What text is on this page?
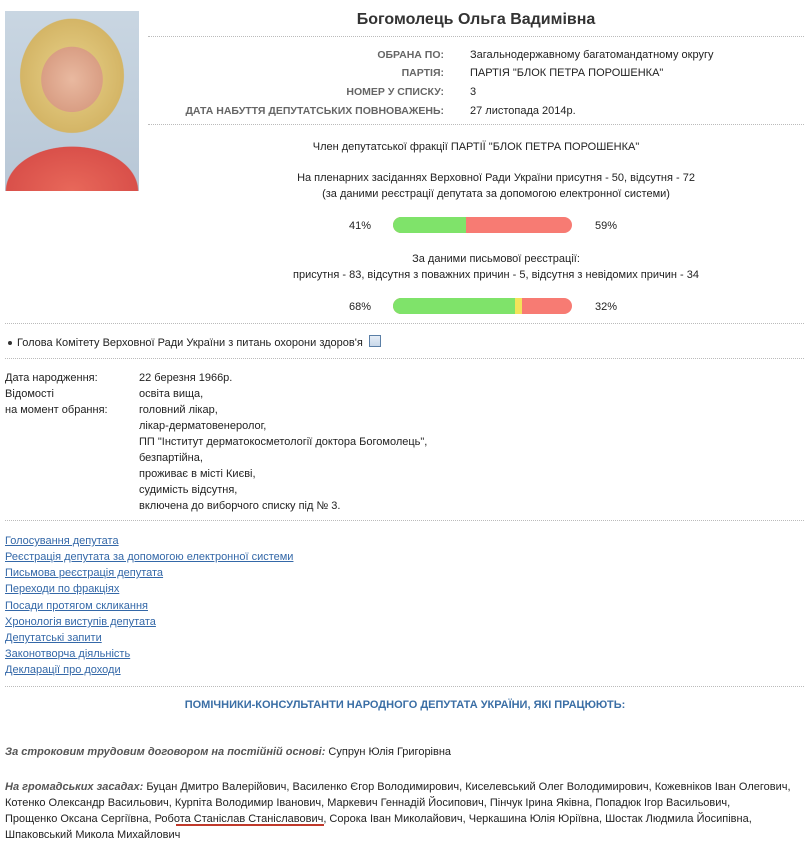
Богомолець Ольга Вадимівна
ОБРАНА ПО: Загальнодержавному багатомандатному округу
ПАРТІЯ: ПАРТІЯ "БЛОК ПЕТРА ПОРОШЕНКА"
НОМЕР У СПИСКУ: 3
ДАТА НАБУТТЯ ДЕПУТАТСЬКИХ ПОВНОВАЖЕНЬ: 27 листопада 2014р.
Член депутатської фракції ПАРТІЇ "БЛОК ПЕТРА ПОРОШЕНКА"
На пленарних засіданнях Верховної Ради України присутня - 50, відсутня - 72
(за даними реєстрації депутата за допомогою електронної системи)
41%	59%
За даними письмової реєстрації:
присутня - 83, відсутня з поважних причин - 5, відсутня з невідомих причин - 34
68%	32%
Голова Комітету Верховної Ради України з питань охорони здоров'я
Дата народження:	22 березня 1966р.
Відомості
на момент обрання:
освіта вища,
головний лікар,
лікар-дерматовенеролог,
ПП "Інститут дерматокосметології доктора Богомолець",
безпартійна,
проживає в місті Києві,
судимість відсутня,
включена до виборчого списку під № 3.
Голосування депутата
Реєстрація депутата за допомогою електронної системи
Письмова реєстрація депутата
Переходи по фракціях
Посади протягом скликання
Хронологія виступів депутата
Депутатські запити
Законотворча діяльність
Декларації про доходи
ПОМІЧНИКИ-КОНСУЛЬТАНТИ НАРОДНОГО ДЕПУТАТА УКРАЇНИ, ЯКІ ПРАЦЮЮТЬ:
За строковим трудовим договором на постійній основі: Супрун Юлія Григорівна
На громадських засадах: Буцан Дмитро Валерійович, Василенко Єгор Володимирович, Киселевський Олег Володимирович, Кожевніков Іван Олегович,
Котенко Олександр Васильович, Курпіта Володимир Іванович, Маркевич Геннадій Йосипович, Пінчук Ірина Яківна, Попадюк Ігор Васильович,
Прощенко Оксана Сергіївна, Робота Станіслав Станіславович, Сорока Іван Миколайович, Черкашина Юлія Юріївна, Шостак Людмила Йосипівна,
Шпаковський Микола Михайлович
